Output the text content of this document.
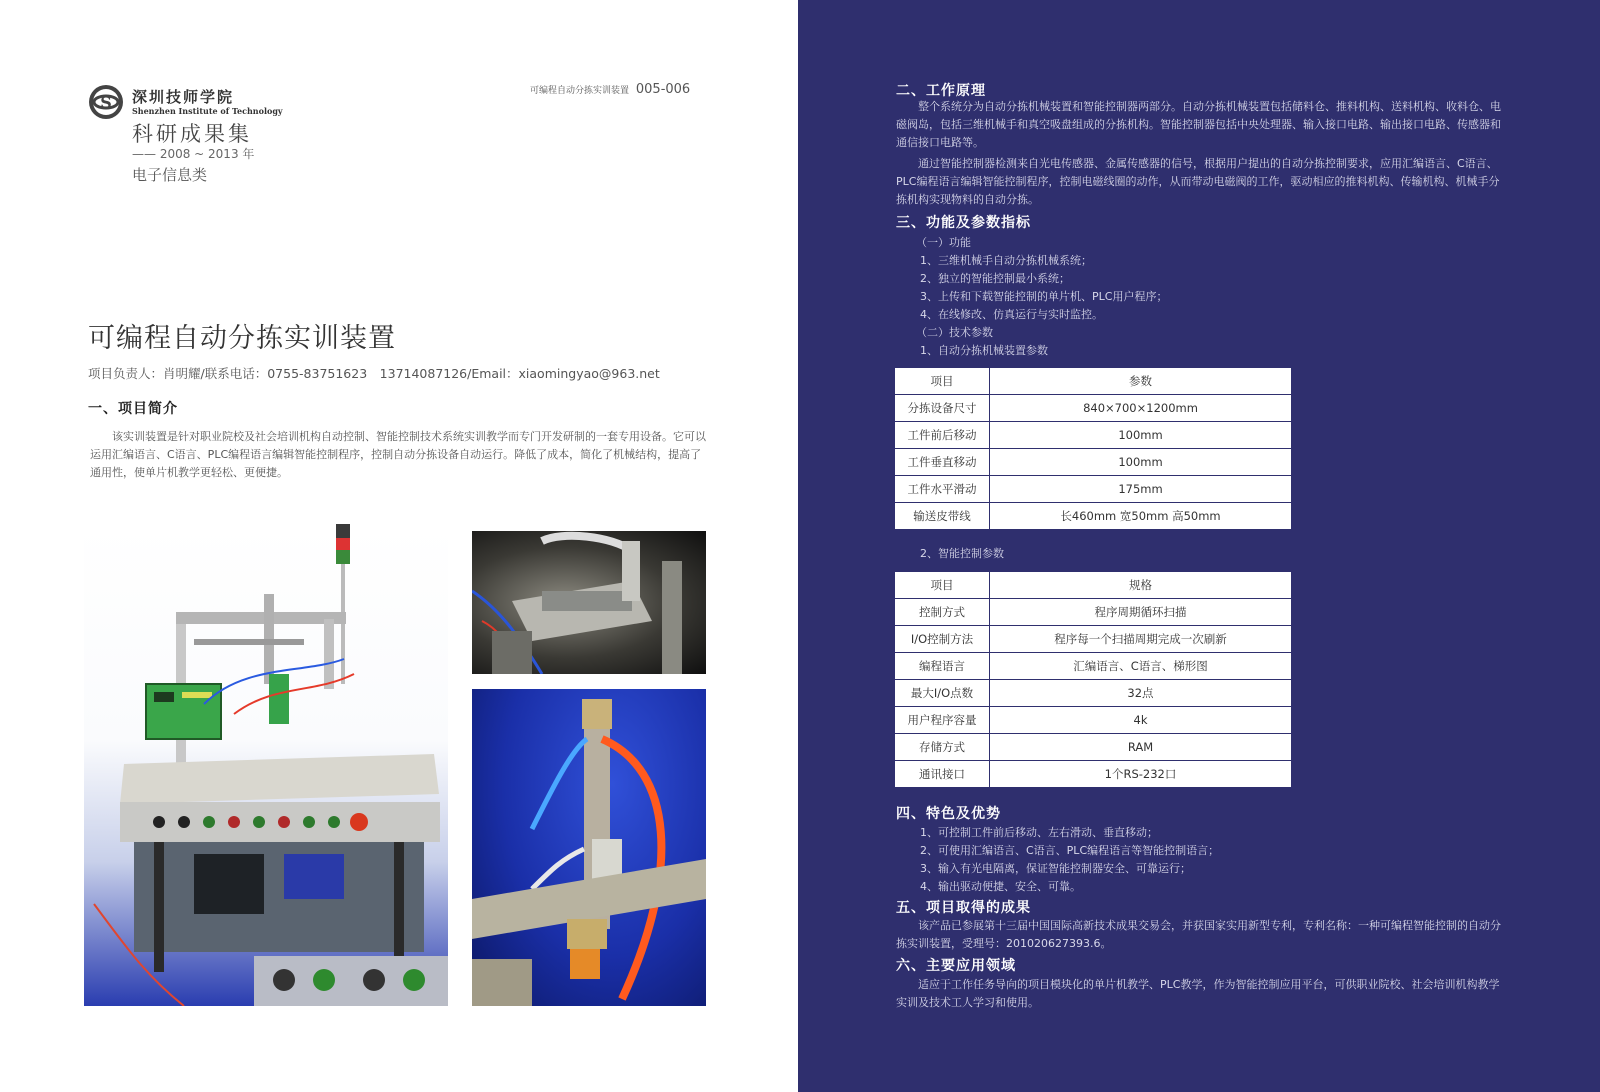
S 深圳技师学院
Shenzhen Institute of Technology
科研成果集
—— 2008 ~ 2013 年
电子信息类
可编程自动分拣实训装置 005-006
可编程自动分拣实训装置
项目负责人：肖明耀/联系电话：0755-83751623　13714087126/Email：xiaomingyao@963.net
一、项目简介

该实训装置是针对职业院校及社会培训机构自动控制、智能控制技术系统实训教学而专门开发研制的一套专用设备。它可以运用汇编语言、C语言、PLC编程语言编辑智能控制程序，控制自动分拣设备自动运行。降低了成本，简化了机械结构，提高了通用性，使单片机教学更轻松、更便捷。

二、工作原理

整个系统分为自动分拣机械装置和智能控制器两部分。自动分拣机械装置包括储料仓、推料机构、送料机构、收料仓、电磁阀岛，包括三维机械手和真空吸盘组成的分拣机构。智能控制器包括中央处理器、输入接口电路、输出接口电路、传感器和通信接口电路等。

通过智能控制器检测来自光电传感器、金属传感器的信号，根据用户提出的自动分拣控制要求，应用汇编语言、C语言、PLC编程语言编辑智能控制程序，控制电磁线圈的动作，从而带动电磁阀的工作，驱动相应的推料机构、传输机构、机械手分拣机构实现物料的自动分拣。

三、功能及参数指标
（一）功能
1、三维机械手自动分拣机械系统；
2、独立的智能控制最小系统；
3、上传和下载智能控制的单片机、PLC用户程序；
4、在线修改、仿真运行与实时监控。
（二）技术参数
1、自动分拣机械装置参数
项目	参数
分拣设备尺寸	840×700×1200mm
工件前后移动	100mm
工件垂直移动	100mm
工件水平滑动	175mm
输送皮带线	长460mm 宽50mm 高50mm
2、智能控制参数
项目	规格
控制方式	程序周期循环扫描
I/O控制方法	程序每一个扫描周期完成一次刷新
编程语言	汇编语言、C语言、梯形图
最大I/O点数	32点
用户程序容量	4k
存储方式	RAM
通讯接口	1个RS-232口
四、特色及优势
1、可控制工件前后移动、左右滑动、垂直移动；
2、可使用汇编语言、C语言、PLC编程语言等智能控制语言；
3、输入有光电隔离，保证智能控制器安全、可靠运行；
4、输出驱动便捷、安全、可靠。
五、项目取得的成果

该产品已参展第十三届中国国际高新技术成果交易会，并获国家实用新型专利，专利名称：一种可编程智能控制的自动分拣实训装置，受理号：201020627393.6。

六、主要应用领域

适应于工作任务导向的项目模块化的单片机教学、PLC教学，作为智能控制应用平台，可供职业院校、社会培训机构教学实训及技术工人学习和使用。
